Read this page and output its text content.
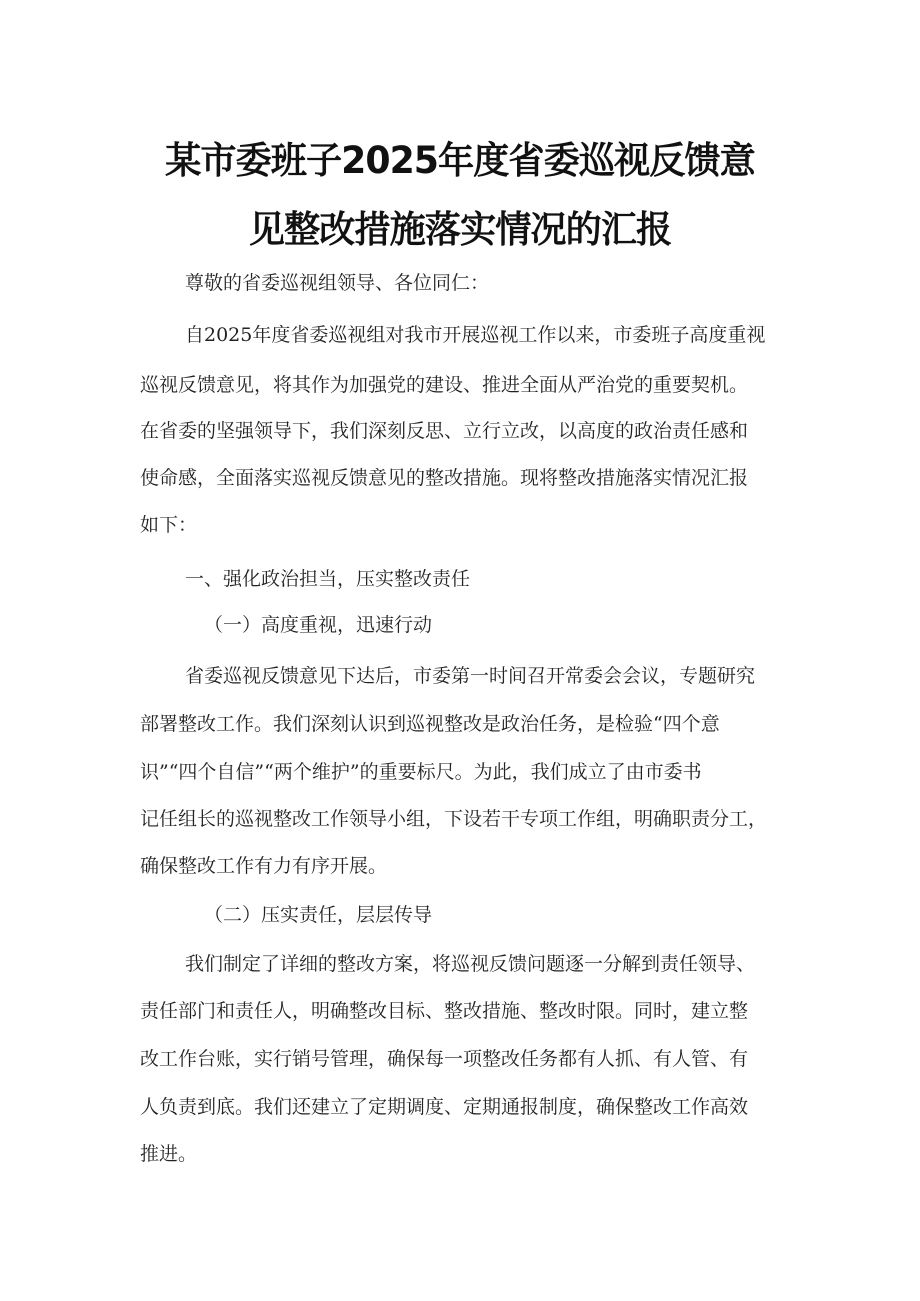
某市委班子2025年度省委巡视反馈意
见整改措施落实情况的汇报
尊敬的省委巡视组领导、各位同仁：
自2025年度省委巡视组对我市开展巡视工作以来，市委班子高度重视
巡视反馈意见，将其作为加强党的建设、推进全面从严治党的重要契机。
在省委的坚强领导下，我们深刻反思、立行立改，以高度的政治责任感和
使命感，全面落实巡视反馈意见的整改措施。现将整改措施落实情况汇报
如下：
一、强化政治担当，压实整改责任
（一）高度重视，迅速行动
省委巡视反馈意见下达后，市委第一时间召开常委会会议，专题研究
部署整改工作。我们深刻认识到巡视整改是政治任务，是检验“四个意
识”“四个自信”“两个维护”的重要标尺。为此，我们成立了由市委书
记任组长的巡视整改工作领导小组，下设若干专项工作组，明确职责分工，
确保整改工作有力有序开展。
（二）压实责任，层层传导
我们制定了详细的整改方案，将巡视反馈问题逐一分解到责任领导、
责任部门和责任人，明确整改目标、整改措施、整改时限。同时，建立整
改工作台账，实行销号管理，确保每一项整改任务都有人抓、有人管、有
人负责到底。我们还建立了定期调度、定期通报制度，确保整改工作高效
推进。
